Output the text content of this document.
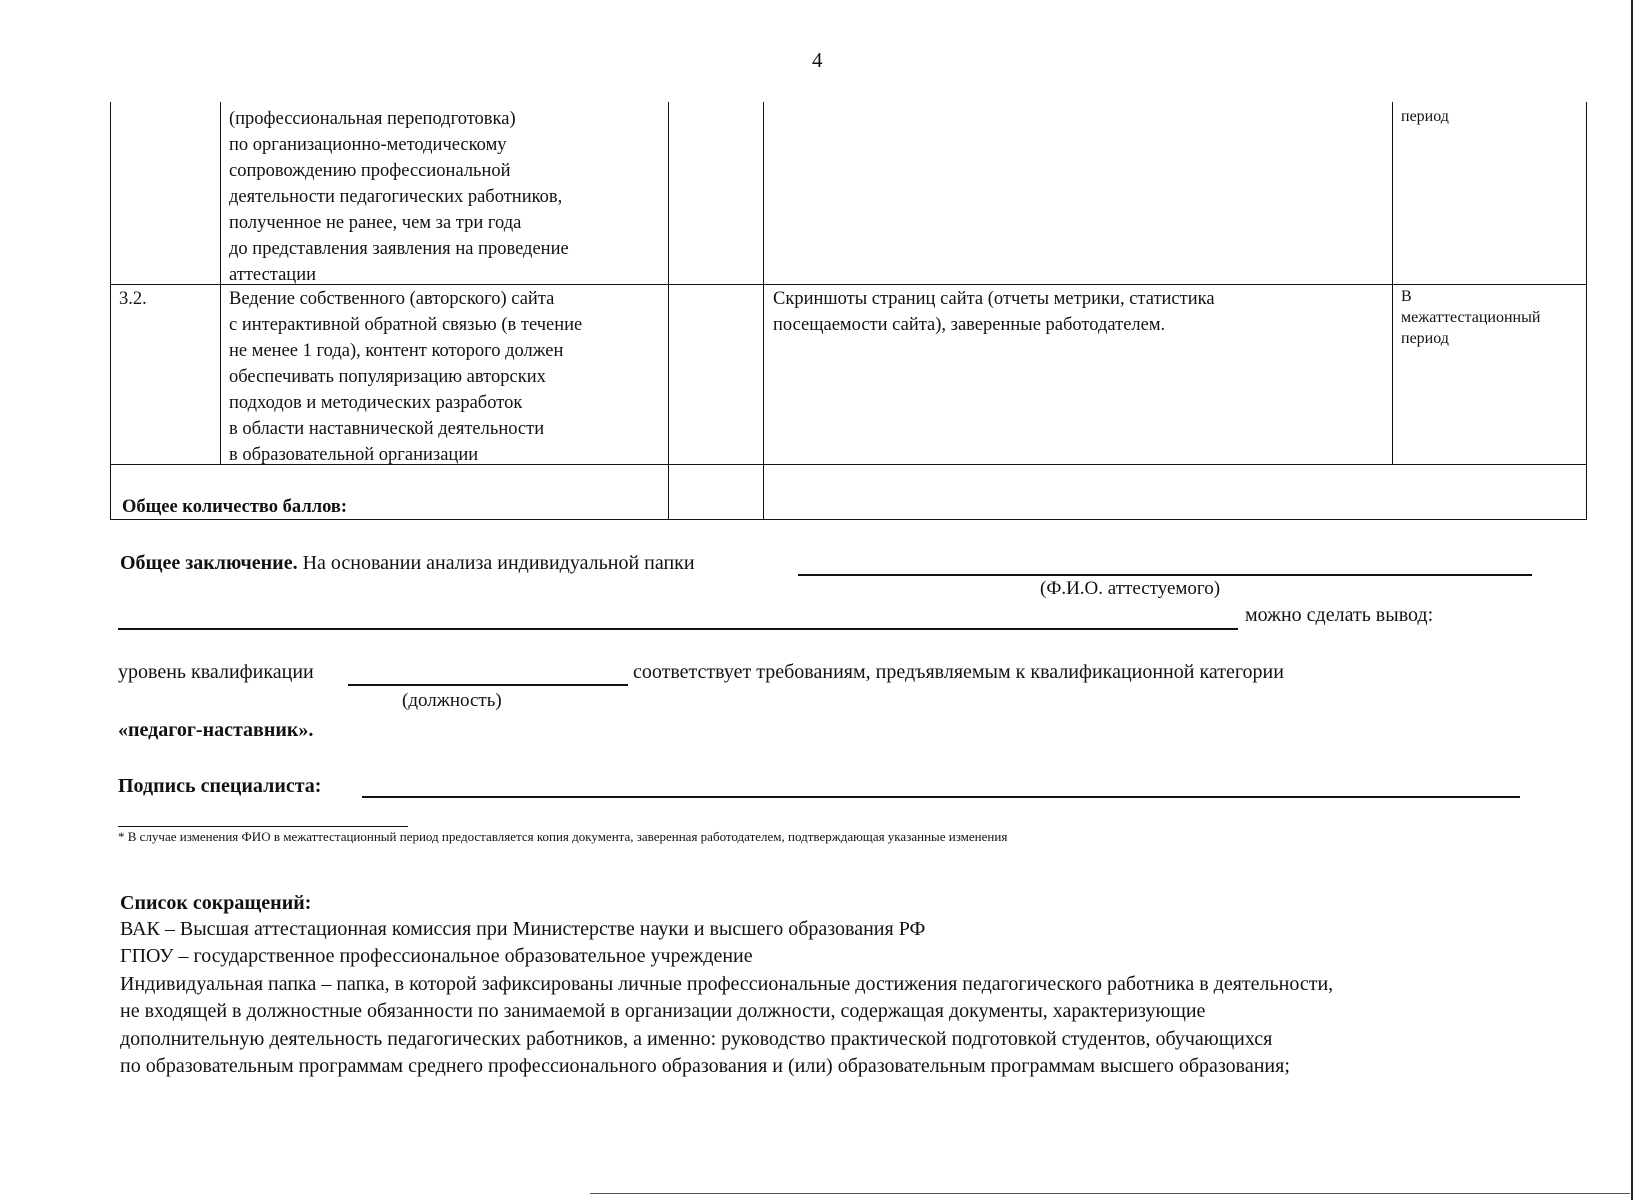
4
(профессиональная переподготовка)
по организационно-методическому
сопровождению профессиональной
деятельности педагогических работников,
полученное не ранее, чем за три года
до представления заявления на проведение
аттестации
период
3.2.	Ведение собственного (авторского) сайта
с интерактивной обратной связью (в течение
не менее 1 года), контент которого должен
обеспечивать популяризацию авторских
подходов и методических разработок
в области наставнической деятельности
в образовательной организации
Скриншоты страниц сайта (отчеты метрики, статистика
посещаемости сайта), заверенные работодателем.
В
межаттестационный
период
Общее количество баллов:
Общее заключение. На основании анализа индивидуальной папки
(Ф.И.О. аттестуемого)
можно сделать вывод:
уровень квалификации	соответствует требованиям, предъявляемым к квалификационной категории
(должность)
«педагог-наставник».
Подпись специалиста:
* В случае изменения ФИО в межаттестационный период предоставляется копия документа, заверенная работодателем, подтверждающая указанные изменения
Список сокращений:
ВАК – Высшая аттестационная комиссия при Министерстве науки и высшего образования РФ
ГПОУ – государственное профессиональное образовательное учреждение
Индивидуальная папка – папка, в которой зафиксированы личные профессиональные достижения педагогического работника в деятельности,
не входящей в должностные обязанности по занимаемой в организации должности, содержащая документы, характеризующие
дополнительную деятельность педагогических работников, а именно: руководство практической подготовкой студентов, обучающихся
по образовательным программам среднего профессионального образования и (или) образовательным программам высшего образования;
